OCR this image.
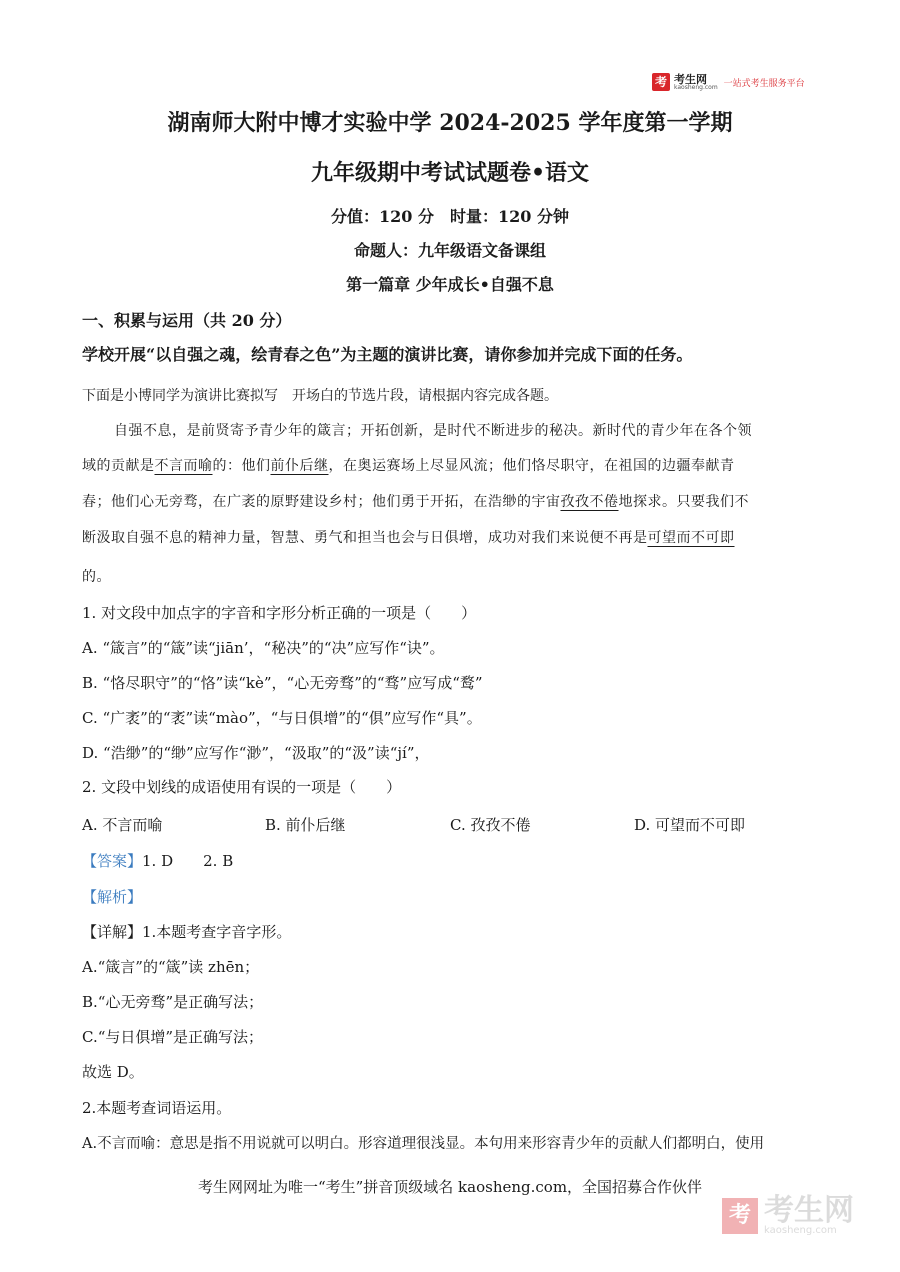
考 考生网
kaosheng.com 一站式考生服务平台
湖南师大附中博才实验中学 2024-2025 学年度第一学期
九年级期中考试试题卷•语文
分值：120 分　时量：120 分钟
命题人：九年级语文备课组
第一篇章 少年成长•自强不息
一、积累与运用（共 20 分）
学校开展“以自强之魂，绘青春之色”为主题的演讲比赛，请你参加并完成下面的任务。
下面是小博同学为演讲比赛拟写　开场白的节选片段，请根据内容完成各题。
自强不息，是前贤寄予青少年的箴言；开拓创新，是时代不断进步的秘决。新时代的青少年在各个领
域的贡献是不言而喻的：他们前仆后继，在奥运赛场上尽显风流；他们恪尽职守，在祖国的边疆奉献青
春；他们心无旁骛，在广袤的原野建设乡村；他们勇于开拓，在浩缈的宇宙孜孜不倦地探求。只要我们不
断汲取自强不息的精神力量，智慧、勇气和担当也会与日俱增，成功对我们来说便不再是可望而不可即
的。
1. 对文段中加点字的字音和字形分析正确的一项是（　　）
A. “箴言”的“箴”读“jiān’，“秘决”的“决”应写作“诀”。
B. “恪尽职守”的“恪”读“kè”，“心无旁骛”的“骛”应写成“鹜”
C. “广袤”的“袤”读“mào”，“与日俱增”的“俱”应写作“具”。
D. “浩缈”的“缈”应写作“渺”，“汲取”的“汲”读“jí”，
2. 文段中划线的成语使用有误的一项是（　　）
A. 不言而喻	B. 前仆后继	C. 孜孜不倦	D. 可望而不可即
【答案】1. D　　2. B
【解析】
【详解】1.本题考查字音字形。
A.“箴言”的“箴”读 zhēn；
B.“心无旁骛”是正确写法；
C.“与日俱增”是正确写法；
故选 D。
2.本题考查词语运用。
A.不言而喻：意思是指不用说就可以明白。形容道理很浅显。本句用来形容青少年的贡献人们都明白，使用
考生网网址为唯一“考生”拼音顶级域名 kaosheng.com，全国招募合作伙伴
考 考生网
kaosheng.com
